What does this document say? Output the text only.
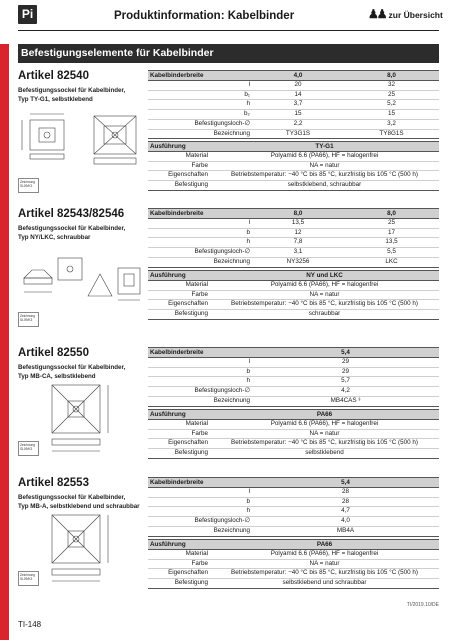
Pi	Produktinformation: Kabelbinder	♟♟ zur Übersicht
Befestigungselemente für Kabelbinder
Artikel 82540
Befestigungssockel für Kabelbinder,
Typ TY-G1, selbstklebend
Zeichnung
SL09/K3
Kabelbinderbreite	4,0	8,0
l	20	32
b₁	14	25
h	3,7	5,2
b₂	15	15
Befestigungsloch-∅	2,2	3,2
Bezeichnung	TY3G1S	TY8G1S
Ausführung	TY-G1
Material	Polyamid 6.6 (PA66), HF = halogenfrei
Farbe	NA = natur
Eigenschaften	Betriebstemperatur: −40 °C bis 85 °C, kurzfristig bis 105 °C (500 h)
Befestigung	selbstklebend, schraubbar
Artikel 82543/82546
Befestigungssockel für Kabelbinder,
Typ NY/LKC, schraubbar
Zeichnung
SL09/K3
Kabelbinderbreite	8,0	8,0
l	13,5	25
b	12	17
h	7,8	13,5
Befestigungsloch-∅	3,1	5,5
Bezeichnung	NY3256	LKC
Ausführung	NY und LKC
Material	Polyamid 6.6 (PA66), HF = halogenfrei
Farbe	NA = natur
Eigenschaften	Betriebstemperatur: −40 °C bis 85 °C, kurzfristig bis 105 °C (500 h)
Befestigung	schraubbar
Artikel 82550
Befestigungssockel für Kabelbinder,
Typ MB-CA, selbstklebend
Zeichnung
SL09/K3
Kabelbinderbreite	5,4
l	29
b	29
h	5,7
Befestigungsloch-∅	4,2
Bezeichnung	MB4CAS ³
Ausführung	PA66
Material	Polyamid 6.6 (PA66), HF = halogenfrei
Farbe	NA = natur
Eigenschaften	Betriebstemperatur: −40 °C bis 85 °C, kurzfristig bis 105 °C (500 h)
Befestigung	selbstklebend
Artikel 82553
Befestigungssockel für Kabelbinder,
Typ MB-A, selbstklebend und schraubbar
Zeichnung
SL09/K3
Kabelbinderbreite	5,4
l	28
b	28
h	4,7
Befestigungsloch-∅	4,0
Bezeichnung	MB4A
Ausführung	PA66
Material	Polyamid 6.6 (PA66), HF = halogenfrei
Farbe	NA = natur
Eigenschaften	Betriebstemperatur: −40 °C bis 85 °C, kurzfristig bis 105 °C (500 h)
Befestigung	selbstklebend und schraubbar
TI/2019.10/DE
TI-148
